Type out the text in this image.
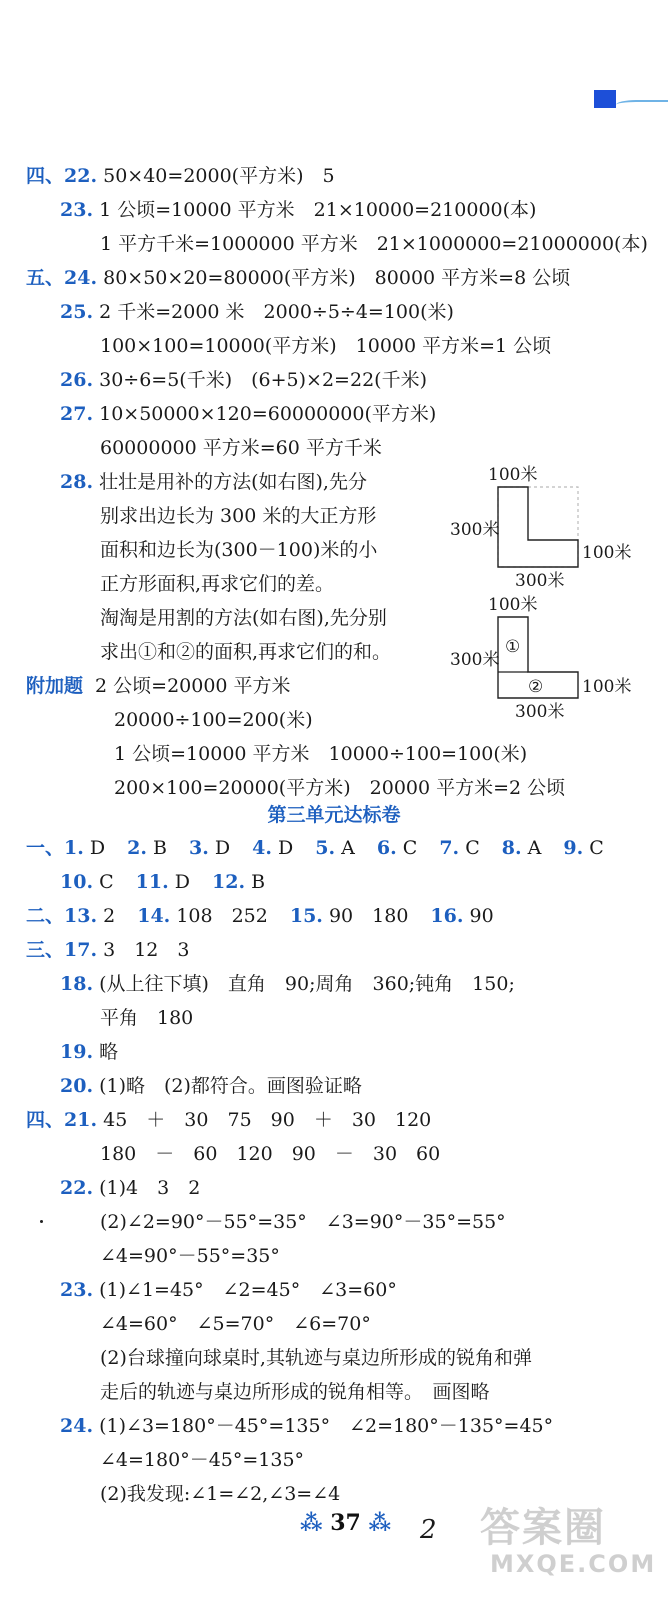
四、22. 50×40=2000(平方米)　5
23. 1 公顷=10000 平方米　21×10000=210000(本)
1 平方千米=1000000 平方米　21×1000000=21000000(本)
五、24. 80×50×20=80000(平方米)　80000 平方米=8 公顷
25. 2 千米=2000 米　2000÷5÷4=100(米)
100×100=10000(平方米)　10000 平方米=1 公顷
26. 30÷6=5(千米)　(6+5)×2=22(千米)
27. 10×50000×120=60000000(平方米)
60000000 平方米=60 平方千米
28. 壮壮是用补的方法(如右图),先分
别求出边长为 300 米的大正方形
面积和边长为(300－100)米的小
正方形面积,再求它们的差。
淘淘是用割的方法(如右图),先分别
求出①和②的面积,再求它们的和。
附加题 2 公顷=20000 平方米
20000÷100=200(米)
1 公顷=10000 平方米　10000÷100=100(米)
200×100=20000(平方米)　20000 平方米=2 公顷
100米
300米
100米
300米
100米
300米
100米
300米
①
②
第三单元达标卷
一、1. D 2. B 3. D 4. D 5. A 6. C 7. C 8. A 9. C
10. C 11. D 12. B
二、13. 2 14. 108　252 15. 90　180 16. 90
三、17. 3　12　3
18. (从上往下填)　直角　90;周角　360;钝角　150;
平角　180
19. 略
20. (1)略　(2)都符合。画图验证略
四、21. 45　＋　30　75　90　＋　30　120
180　－　60　120　90　－　30　60
22. (1)4　3　2
(2)∠2=90°－55°=35°　∠3=90°－35°=55°
∠4=90°－55°=35°
23. (1)∠1=45°　∠2=45°　∠3=60°
∠4=60°　∠5=70°　∠6=70°
(2)台球撞向球桌时,其轨迹与桌边所形成的锐角和弹
走后的轨迹与桌边所形成的锐角相等。　画图略
24. (1)∠3=180°－45°=135°　∠2=180°－135°=45°
∠4=180°－45°=135°
(2)我发现:∠1=∠2,∠3=∠4
⁂ 37 ⁂ 2 答案圈
MXQE.COM
